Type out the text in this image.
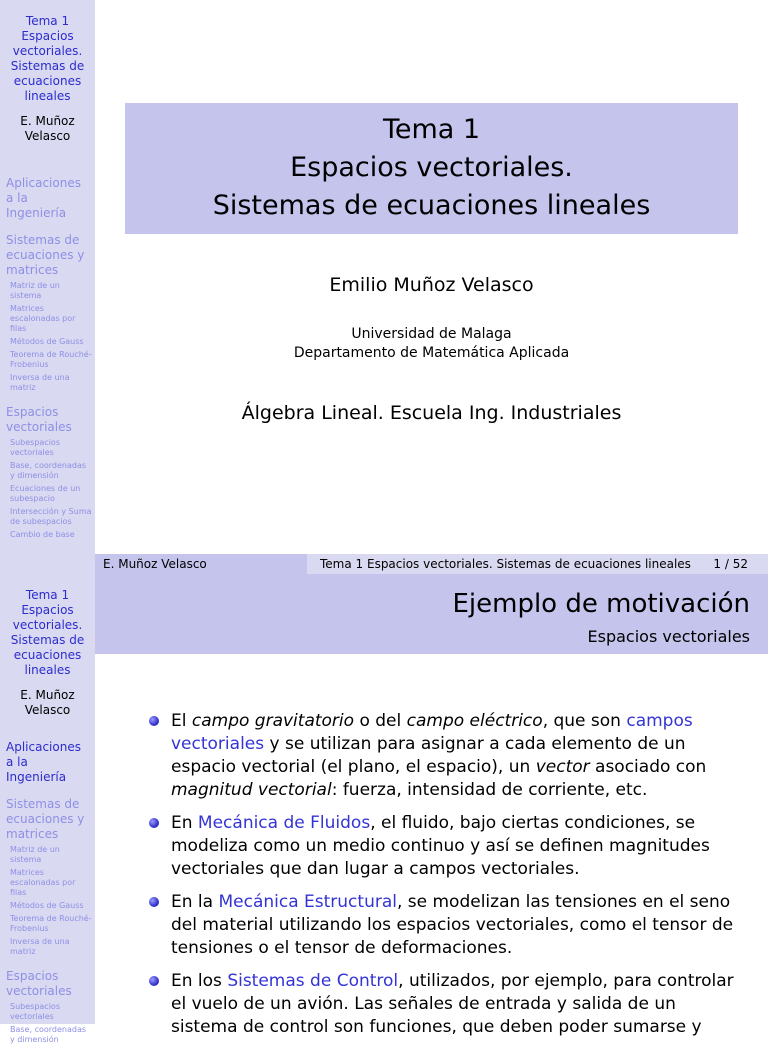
Tema 1 Espacios vectoriales. Sistemas de ecuaciones lineales
E. Muñoz Velasco
Aplicaciones a la Ingeniería
Sistemas de ecuaciones y matrices
Matriz de un sistema
Matrices escalonadas por filas
Métodos de Gauss
Teorema de Rouché-Frobenius
Inversa de una matriz
Espacios vectoriales
Subespacios vectoriales
Base, coordenadas y dimensión
Ecuaciones de un subespacio
Intersección y Suma de subespacios
Cambio de base
Tema 1
Espacios vectoriales.
Sistemas de ecuaciones lineales
Emilio Muñoz Velasco
Universidad de Malaga
Departamento de Matemática Aplicada
Álgebra Lineal. Escuela Ing. Industriales
E. Muñoz Velasco	Tema 1 Espacios vectoriales. Sistemas de ecuaciones lineales 1 / 52
Tema 1 Espacios vectoriales. Sistemas de ecuaciones lineales
E. Muñoz Velasco
Aplicaciones a la Ingeniería
Sistemas de ecuaciones y matrices
Matriz de un sistema
Matrices escalonadas por filas
Métodos de Gauss
Teorema de Rouché-Frobenius
Inversa de una matriz
Espacios vectoriales
Subespacios vectoriales
Base, coordenadas y dimensión
Ejemplo de motivación
Espacios vectoriales
El campo gravitatorio o del campo eléctrico, que son campos vectoriales y se utilizan para asignar a cada elemento de un espacio vectorial (el plano, el espacio), un vector asociado con magnitud vectorial: fuerza, intensidad de corriente, etc.
En Mecánica de Fluidos, el fluido, bajo ciertas condiciones, se modeliza como un medio continuo y así se definen magnitudes vectoriales que dan lugar a campos vectoriales.
En la Mecánica Estructural, se modelizan las tensiones en el seno del material utilizando los espacios vectoriales, como el tensor de tensiones o el tensor de deformaciones.
En los Sistemas de Control, utilizados, por ejemplo, para controlar el vuelo de un avión. Las señales de entrada y salida de un sistema de control son funciones, que deben poder sumarse y
